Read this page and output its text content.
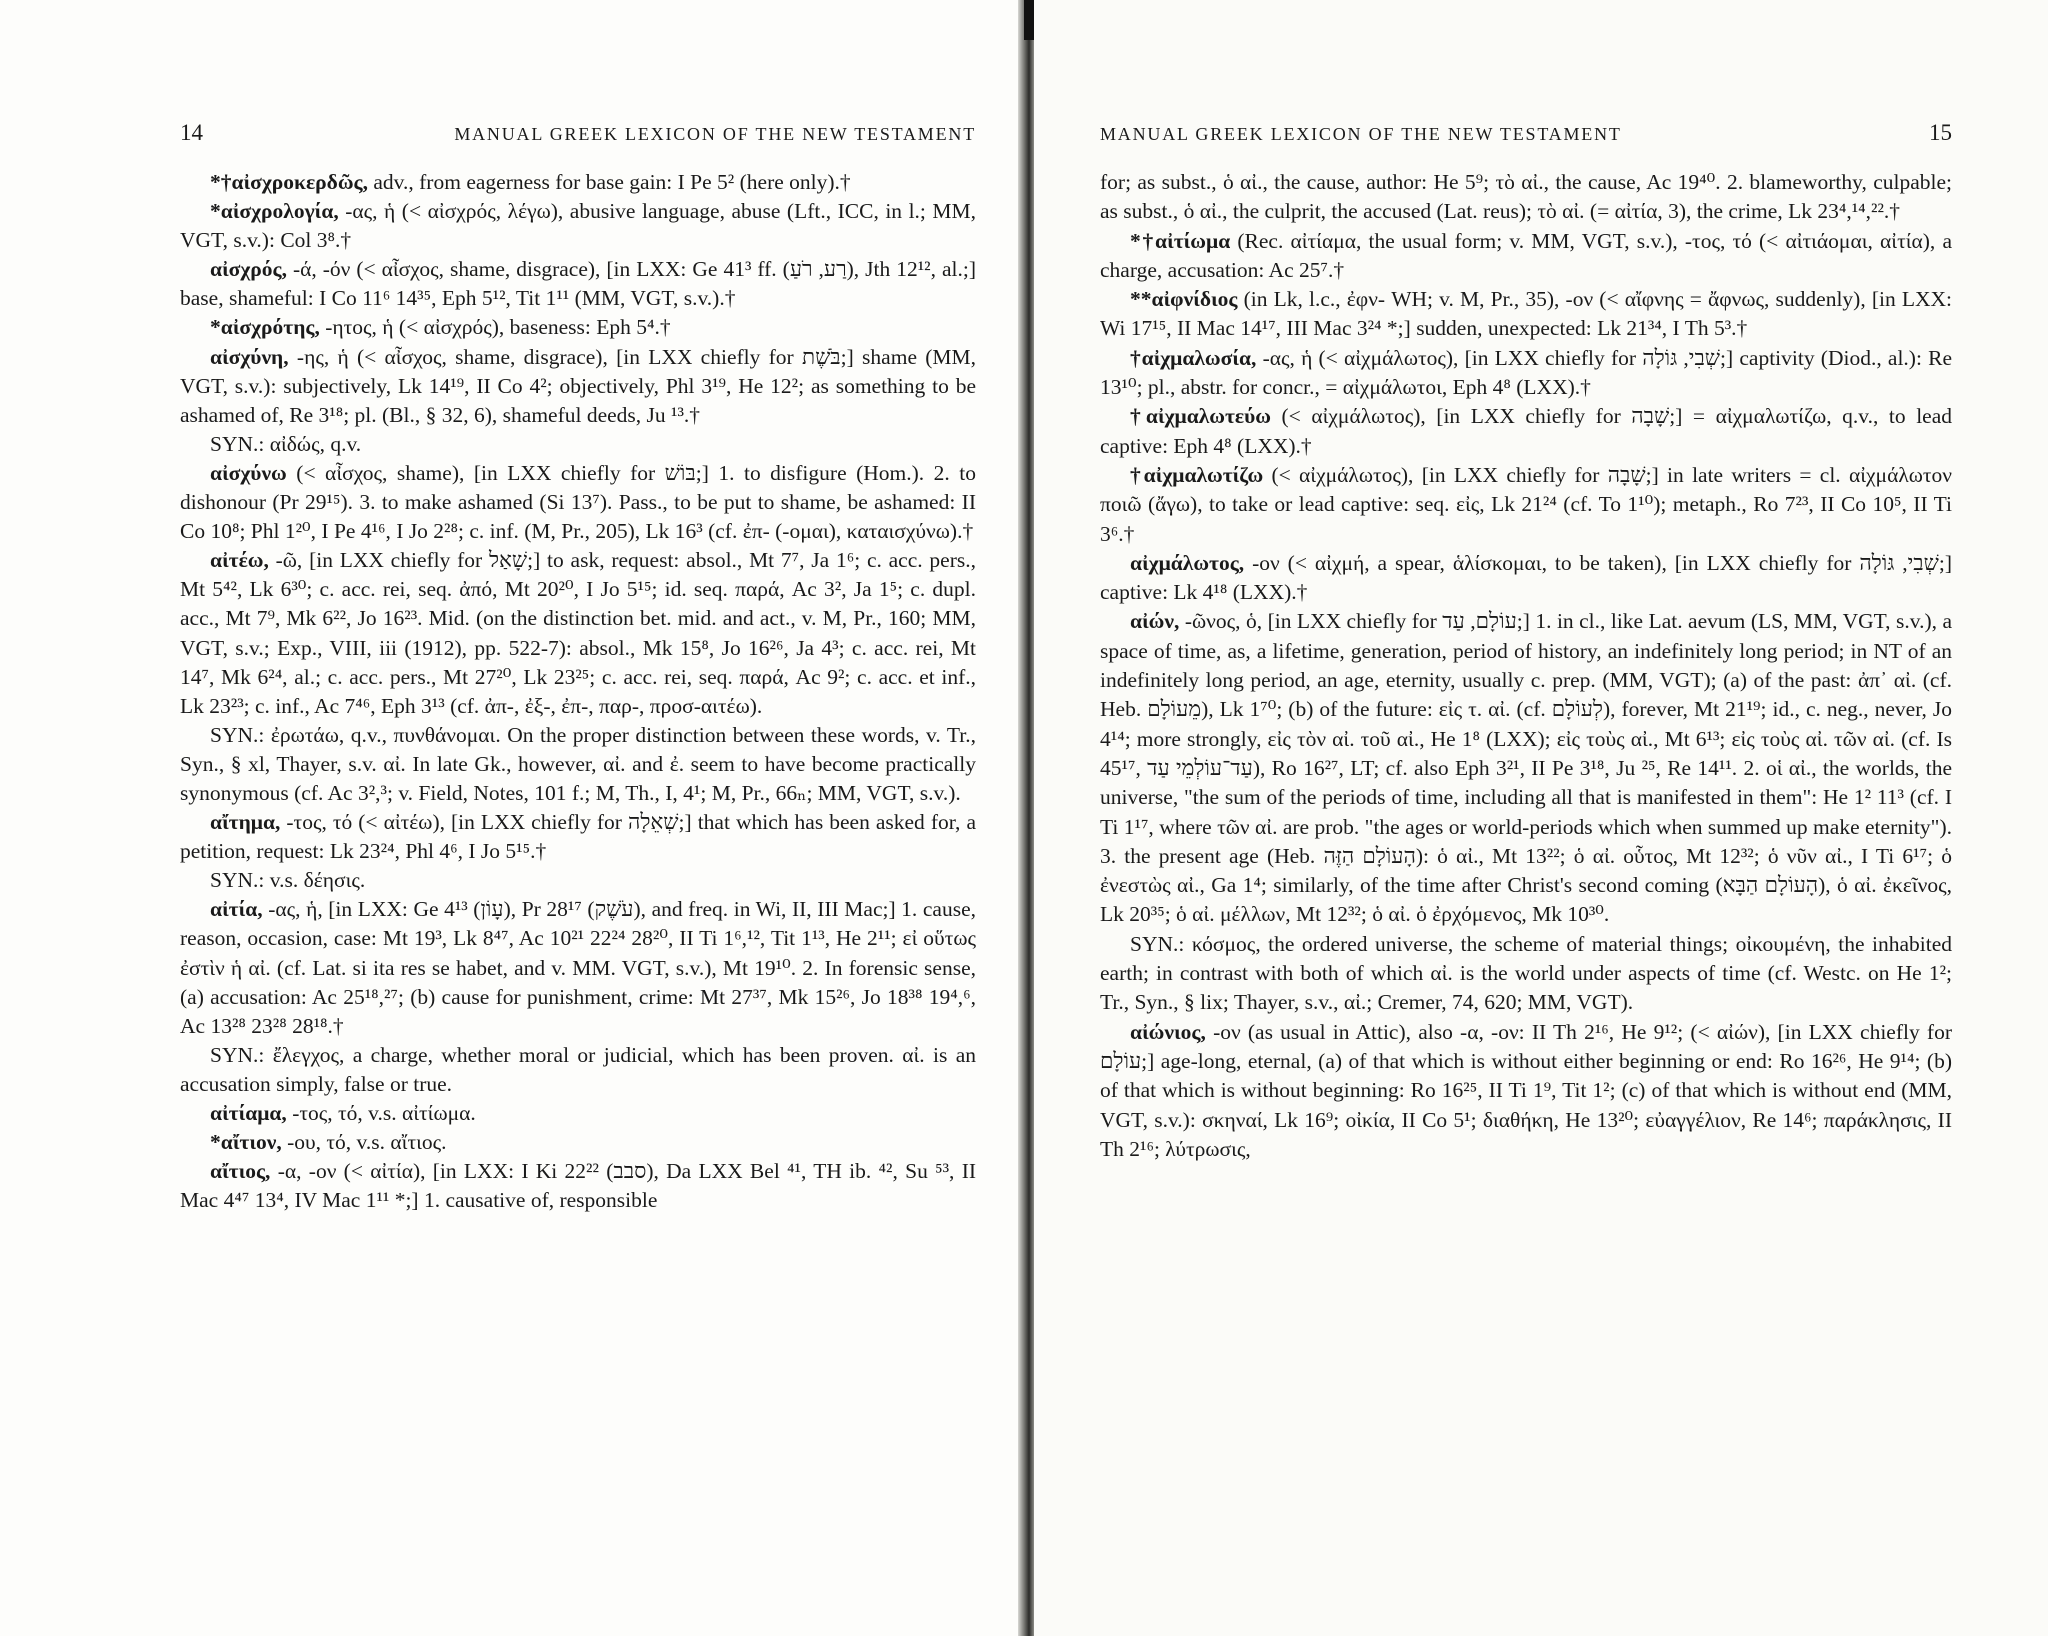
14	MANUAL GREEK LEXICON OF THE NEW TESTAMENT

*†αἰσχροκερδῶς, adv., from eagerness for base gain: I Pe 5² (here only).†

*αἰσχρολογία, -ας, ἡ (< αἰσχρός, λέγω), abusive language, abuse (Lft., ICC, in l.; MM, VGT, s.v.): Col 3⁸.†

αἰσχρός, -ά, -όν (< αἶσχος, shame, disgrace), [in LXX: Ge 41³ ff. (רַע, רֹעַ), Jth 12¹², al.;] base, shameful: I Co 11⁶ 14³⁵, Eph 5¹², Tit 1¹¹ (MM, VGT, s.v.).†

*αἰσχρότης, -ητος, ἡ (< αἰσχρός), baseness: Eph 5⁴.†

αἰσχύνη, -ης, ἡ (< αἶσχος, shame, disgrace), [in LXX chiefly for בֹּשֶׁת;] shame (MM, VGT, s.v.): subjectively, Lk 14¹⁹, II Co 4²; objectively, Phl 3¹⁹, He 12²; as something to be ashamed of, Re 3¹⁸; pl. (Bl., § 32, 6), shameful deeds, Ju ¹³.†

SYN.: αἰδώς, q.v.

αἰσχύνω (< αἶσχος, shame), [in LXX chiefly for בּוֹשׁ;] 1. to disfigure (Hom.). 2. to dishonour (Pr 29¹⁵). 3. to make ashamed (Si 13⁷). Pass., to be put to shame, be ashamed: II Co 10⁸; Phl 1²⁰, I Pe 4¹⁶, I Jo 2²⁸; c. inf. (M, Pr., 205), Lk 16³ (cf. ἐπ- (-ομαι), καταισχύνω).†

αἰτέω, -ῶ, [in LXX chiefly for שָׁאַל;] to ask, request: absol., Mt 7⁷, Ja 1⁶; c. acc. pers., Mt 5⁴², Lk 6³⁰; c. acc. rei, seq. ἀπό, Mt 20²⁰, I Jo 5¹⁵; id. seq. παρά, Ac 3², Ja 1⁵; c. dupl. acc., Mt 7⁹, Mk 6²², Jo 16²³. Mid. (on the distinction bet. mid. and act., v. M, Pr., 160; MM, VGT, s.v.; Exp., VIII, iii (1912), pp. 522-7): absol., Mk 15⁸, Jo 16²⁶, Ja 4³; c. acc. rei, Mt 14⁷, Mk 6²⁴, al.; c. acc. pers., Mt 27²⁰, Lk 23²⁵; c. acc. rei, seq. παρά, Ac 9²; c. acc. et inf., Lk 23²³; c. inf., Ac 7⁴⁶, Eph 3¹³ (cf. ἀπ-, ἐξ-, ἐπ-, παρ-, προσ-αιτέω).

SYN.: ἐρωτάω, q.v., πυνθάνομαι. On the proper distinction between these words, v. Tr., Syn., § xl, Thayer, s.v. αἰ. In late Gk., however, αἰ. and ἐ. seem to have become practically synonymous (cf. Ac 3²,³; v. Field, Notes, 101 f.; M, Th., I, 4¹; M, Pr., 66ₙ; MM, VGT, s.v.).

αἴτημα, -τος, τό (< αἰτέω), [in LXX chiefly for שְׁאֵלָה;] that which has been asked for, a petition, request: Lk 23²⁴, Phl 4⁶, I Jo 5¹⁵.†

SYN.: v.s. δέησις.

αἰτία, -ας, ἡ, [in LXX: Ge 4¹³ (עָוֹן), Pr 28¹⁷ (עֹשֶׁק), and freq. in Wi, II, III Mac;] 1. cause, reason, occasion, case: Mt 19³, Lk 8⁴⁷, Ac 10²¹ 22²⁴ 28²⁰, II Ti 1⁶,¹², Tit 1¹³, He 2¹¹; εἰ οὕτως ἐστὶν ἡ αἰ. (cf. Lat. si ita res se habet, and v. MM. VGT, s.v.), Mt 19¹⁰. 2. In forensic sense, (a) accusation: Ac 25¹⁸,²⁷; (b) cause for punishment, crime: Mt 27³⁷, Mk 15²⁶, Jo 18³⁸ 19⁴,⁶, Ac 13²⁸ 23²⁸ 28¹⁸.†

SYN.: ἔλεγχος, a charge, whether moral or judicial, which has been proven. αἰ. is an accusation simply, false or true.

αἰτίαμα, -τος, τό, v.s. αἰτίωμα.

*αἴτιον, -ου, τό, v.s. αἴτιος.

αἴτιος, -α, -ον (< αἰτία), [in LXX: I Ki 22²² (סבב), Da LXX Bel ⁴¹, TH ib. ⁴², Su ⁵³, II Mac 4⁴⁷ 13⁴, IV Mac 1¹¹ *;] 1. causative of, responsible

MANUAL GREEK LEXICON OF THE NEW TESTAMENT	15

for; as subst., ὁ αἰ., the cause, author: He 5⁹; τὸ αἰ., the cause, Ac 19⁴⁰. 2. blameworthy, culpable; as subst., ὁ αἰ., the culprit, the accused (Lat. reus); τὸ αἰ. (= αἰτία, 3), the crime, Lk 23⁴,¹⁴,²².†

*†αἰτίωμα (Rec. αἰτίαμα, the usual form; v. MM, VGT, s.v.), -τος, τό (< αἰτιάομαι, αἰτία), a charge, accusation: Ac 25⁷.†

**αἰφνίδιος (in Lk, l.c., ἐφν- WH; v. M, Pr., 35), -ον (< αἴφνης = ἄφνως, suddenly), [in LXX: Wi 17¹⁵, II Mac 14¹⁷, III Mac 3²⁴ *;] sudden, unexpected: Lk 21³⁴, I Th 5³.†

†αἰχμαλωσία, -ας, ἡ (< αἰχμάλωτος), [in LXX chiefly for שְׁבִי, גּוֹלָה;] captivity (Diod., al.): Re 13¹⁰; pl., abstr. for concr., = αἰχμάλωτοι, Eph 4⁸ (LXX).†

†αἰχμαλωτεύω (< αἰχμάλωτος), [in LXX chiefly for שָׁבָה;] = αἰχμαλωτίζω, q.v., to lead captive: Eph 4⁸ (LXX).†

†αἰχμαλωτίζω (< αἰχμάλωτος), [in LXX chiefly for שָׁבָה;] in late writers = cl. αἰχμάλωτον ποιῶ (ἄγω), to take or lead captive: seq. εἰς, Lk 21²⁴ (cf. To 1¹⁰); metaph., Ro 7²³, II Co 10⁵, II Ti 3⁶.†

αἰχμάλωτος, -ον (< αἰχμή, a spear, ἁλίσκομαι, to be taken), [in LXX chiefly for שְׁבִי, גּוֹלָה;] captive: Lk 4¹⁸ (LXX).†

αἰών, -ῶνος, ὁ, [in LXX chiefly for עוֹלָם, עַד;] 1. in cl., like Lat. aevum (LS, MM, VGT, s.v.), a space of time, as, a lifetime, generation, period of history, an indefinitely long period; in NT of an indefinitely long period, an age, eternity, usually c. prep. (MM, VGT); (a) of the past: ἀπ᾽ αἰ. (cf. Heb. מֵעוֹלָם), Lk 1⁷⁰; (b) of the future: εἰς τ. αἰ. (cf. לְעוֹלָם), forever, Mt 21¹⁹; id., c. neg., never, Jo 4¹⁴; more strongly, εἰς τὸν αἰ. τοῦ αἰ., He 1⁸ (LXX); εἰς τοὺς αἰ., Mt 6¹³; εἰς τοὺς αἰ. τῶν αἰ. (cf. Is 45¹⁷, עַד־עוֹלְמֵי עַד), Ro 16²⁷, LT; cf. also Eph 3²¹, II Pe 3¹⁸, Ju ²⁵, Re 14¹¹. 2. οἱ αἰ., the worlds, the universe, "the sum of the periods of time, including all that is manifested in them": He 1² 11³ (cf. I Ti 1¹⁷, where τῶν αἰ. are prob. "the ages or world-periods which when summed up make eternity"). 3. the present age (Heb. הָעוֹלָם הַזֶּה): ὁ αἰ., Mt 13²²; ὁ αἰ. οὗτος, Mt 12³²; ὁ νῦν αἰ., I Ti 6¹⁷; ὁ ἐνεστὼς αἰ., Ga 1⁴; similarly, of the time after Christ's second coming (הָעוֹלָם הַבָּא), ὁ αἰ. ἐκεῖνος, Lk 20³⁵; ὁ αἰ. μέλλων, Mt 12³²; ὁ αἰ. ὁ ἐρχόμενος, Mk 10³⁰.

SYN.: κόσμος, the ordered universe, the scheme of material things; οἰκουμένη, the inhabited earth; in contrast with both of which αἰ. is the world under aspects of time (cf. Westc. on He 1²; Tr., Syn., § lix; Thayer, s.v., αἰ.; Cremer, 74, 620; MM, VGT).

αἰώνιος, -ον (as usual in Attic), also -α, -ον: II Th 2¹⁶, He 9¹²; (< αἰών), [in LXX chiefly for עוֹלָם;] age-long, eternal, (a) of that which is without either beginning or end: Ro 16²⁶, He 9¹⁴; (b) of that which is without beginning: Ro 16²⁵, II Ti 1⁹, Tit 1²; (c) of that which is without end (MM, VGT, s.v.): σκηναί, Lk 16⁹; οἰκία, II Co 5¹; διαθήκη, He 13²⁰; εὐαγγέλιον, Re 14⁶; παράκλησις, II Th 2¹⁶; λύτρωσις,
